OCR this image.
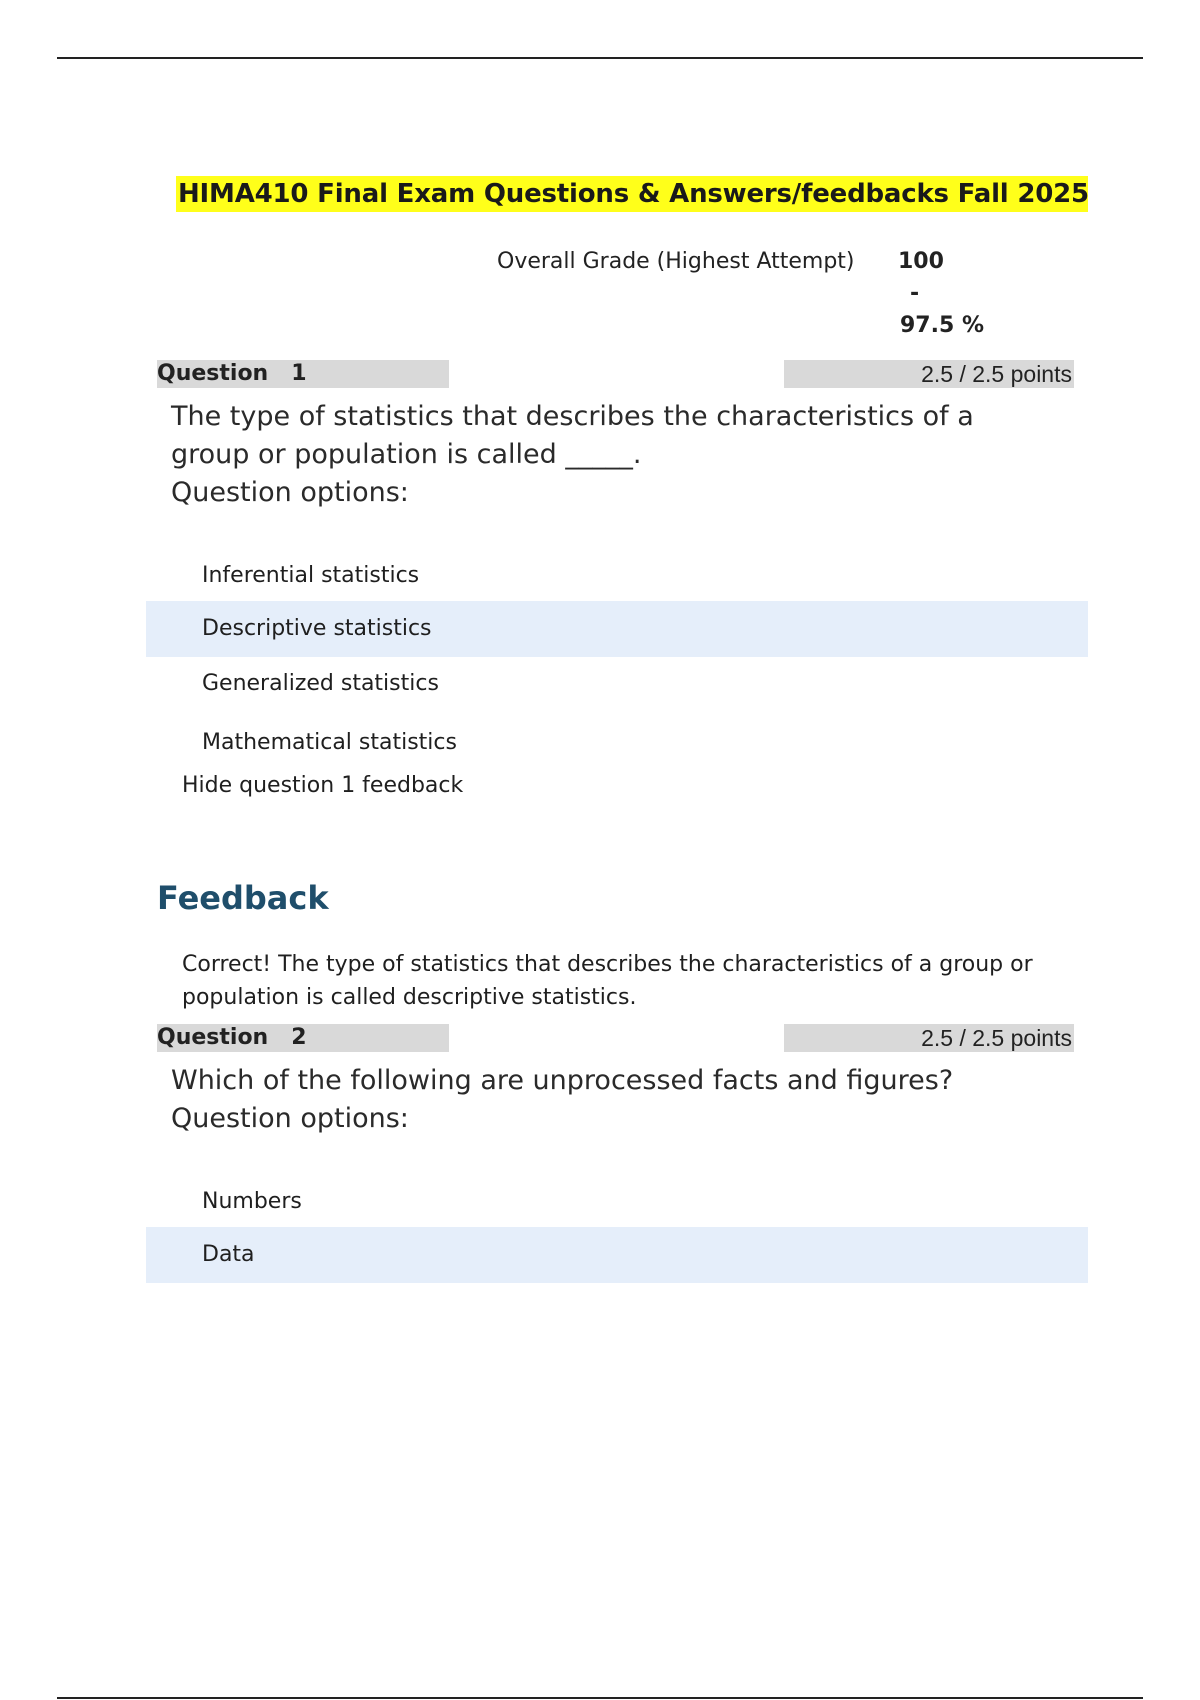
HIMA410 Final Exam Questions & Answers/feedbacks Fall 2025
Overall Grade (Highest Attempt) 100
-
97.5 %
Question   1	2.5 / 2.5 points

The type of statistics that describes the characteristics of a group or population is called _____.

Question options:
Inferential statistics
Descriptive statistics
Generalized statistics
Mathematical statistics
Hide question 1 feedback
Feedback

Correct! The type of statistics that describes the characteristics of a group or population is called descriptive statistics.

Question   2	2.5 / 2.5 points

Which of the following are unprocessed facts and figures?

Question options:
Numbers
Data
